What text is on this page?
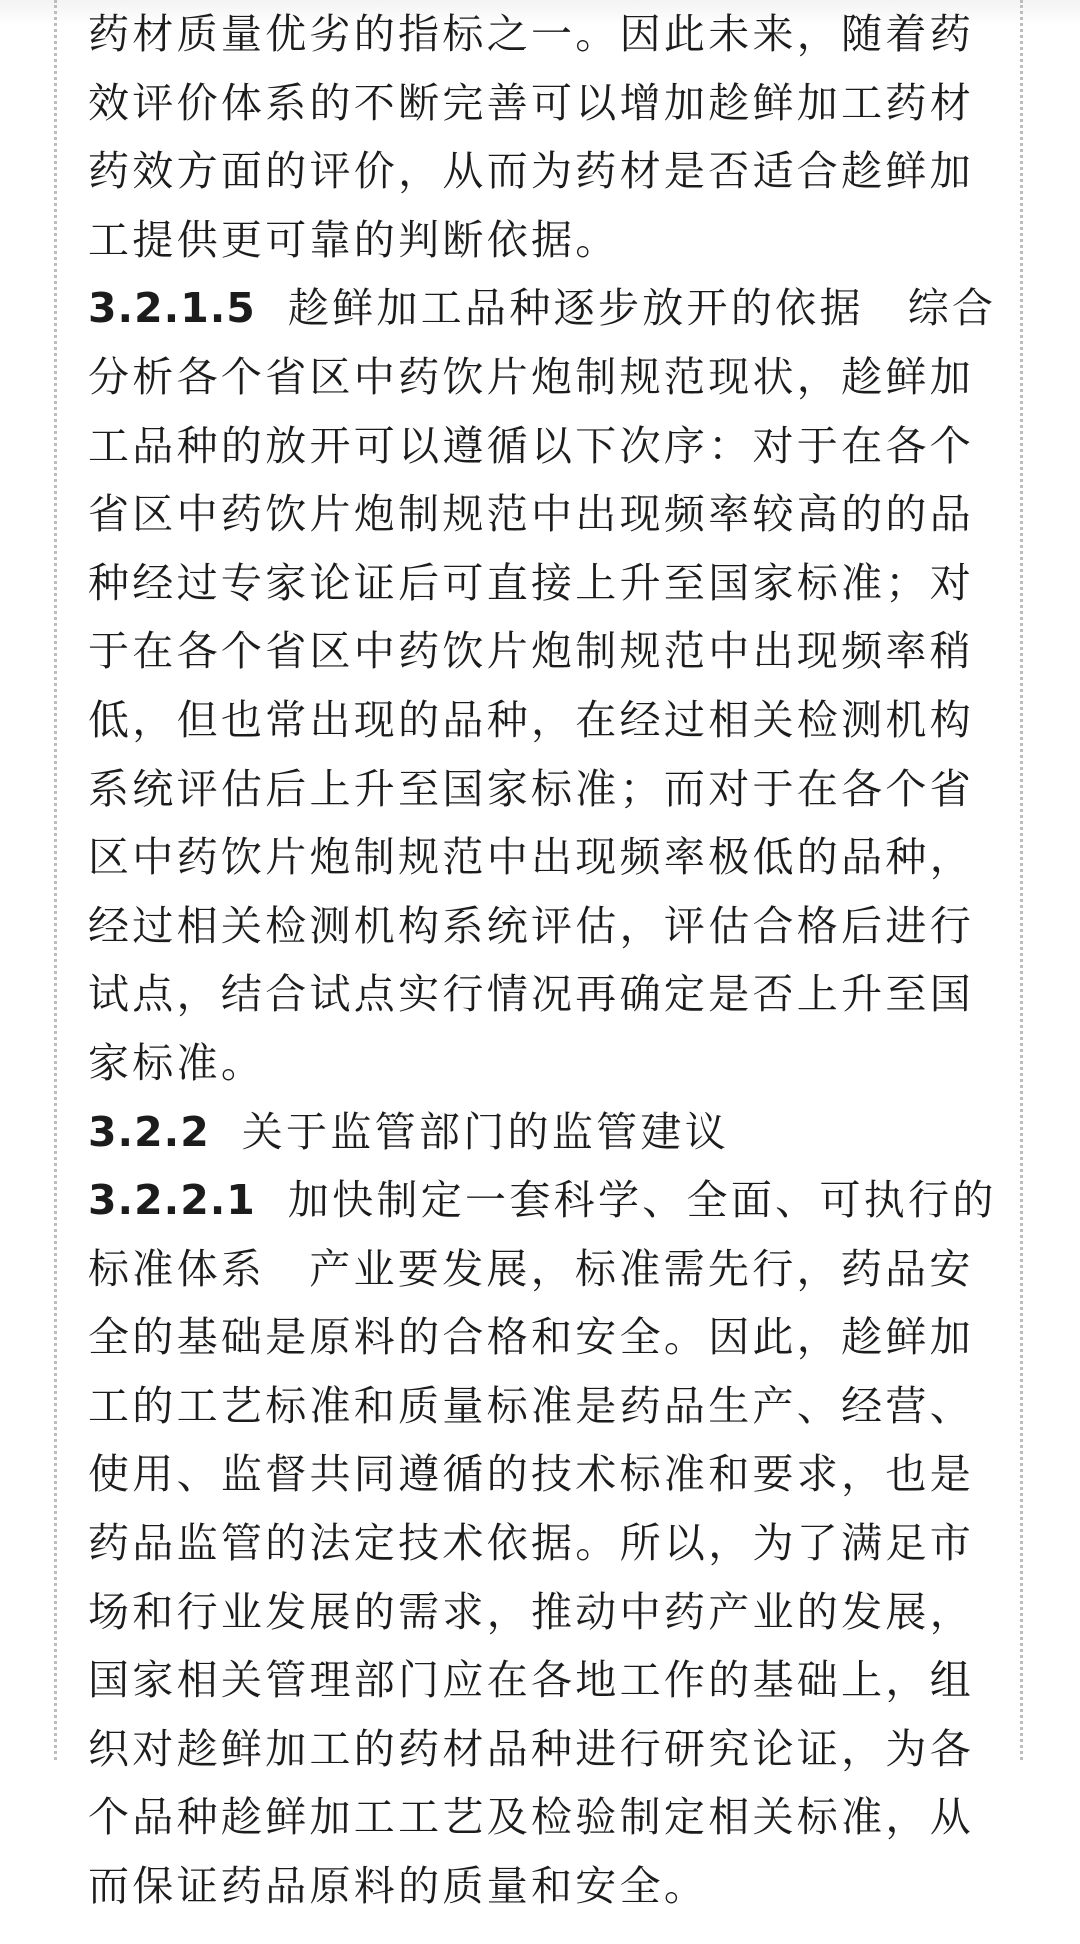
药材质量优劣的指标之一。因此未来，随着药
效评价体系的不断完善可以增加趁鲜加工药材
药效方面的评价，从而为药材是否适合趁鲜加
工提供更可靠的判断依据。
3.2.1.5 趁鲜加工品种逐步放开的依据 综合
分析各个省区中药饮片炮制规范现状，趁鲜加
工品种的放开可以遵循以下次序：对于在各个
省区中药饮片炮制规范中出现频率较高的的品
种经过专家论证后可直接上升至国家标准；对
于在各个省区中药饮片炮制规范中出现频率稍
低，但也常出现的品种，在经过相关检测机构
系统评估后上升至国家标准；而对于在各个省
区中药饮片炮制规范中出现频率极低的品种，
经过相关检测机构系统评估，评估合格后进行
试点，结合试点实行情况再确定是否上升至国
家标准。
3.2.2 关于监管部门的监管建议
3.2.2.1 加快制定一套科学、全面、可执行的
标准体系 产业要发展，标准需先行，药品安
全的基础是原料的合格和安全。因此，趁鲜加
工的工艺标准和质量标准是药品生产、经营、
使用、监督共同遵循的技术标准和要求，也是
药品监管的法定技术依据。所以，为了满足市
场和行业发展的需求，推动中药产业的发展，
国家相关管理部门应在各地工作的基础上，组
织对趁鲜加工的药材品种进行研究论证，为各
个品种趁鲜加工工艺及检验制定相关标准，从
而保证药品原料的质量和安全。
